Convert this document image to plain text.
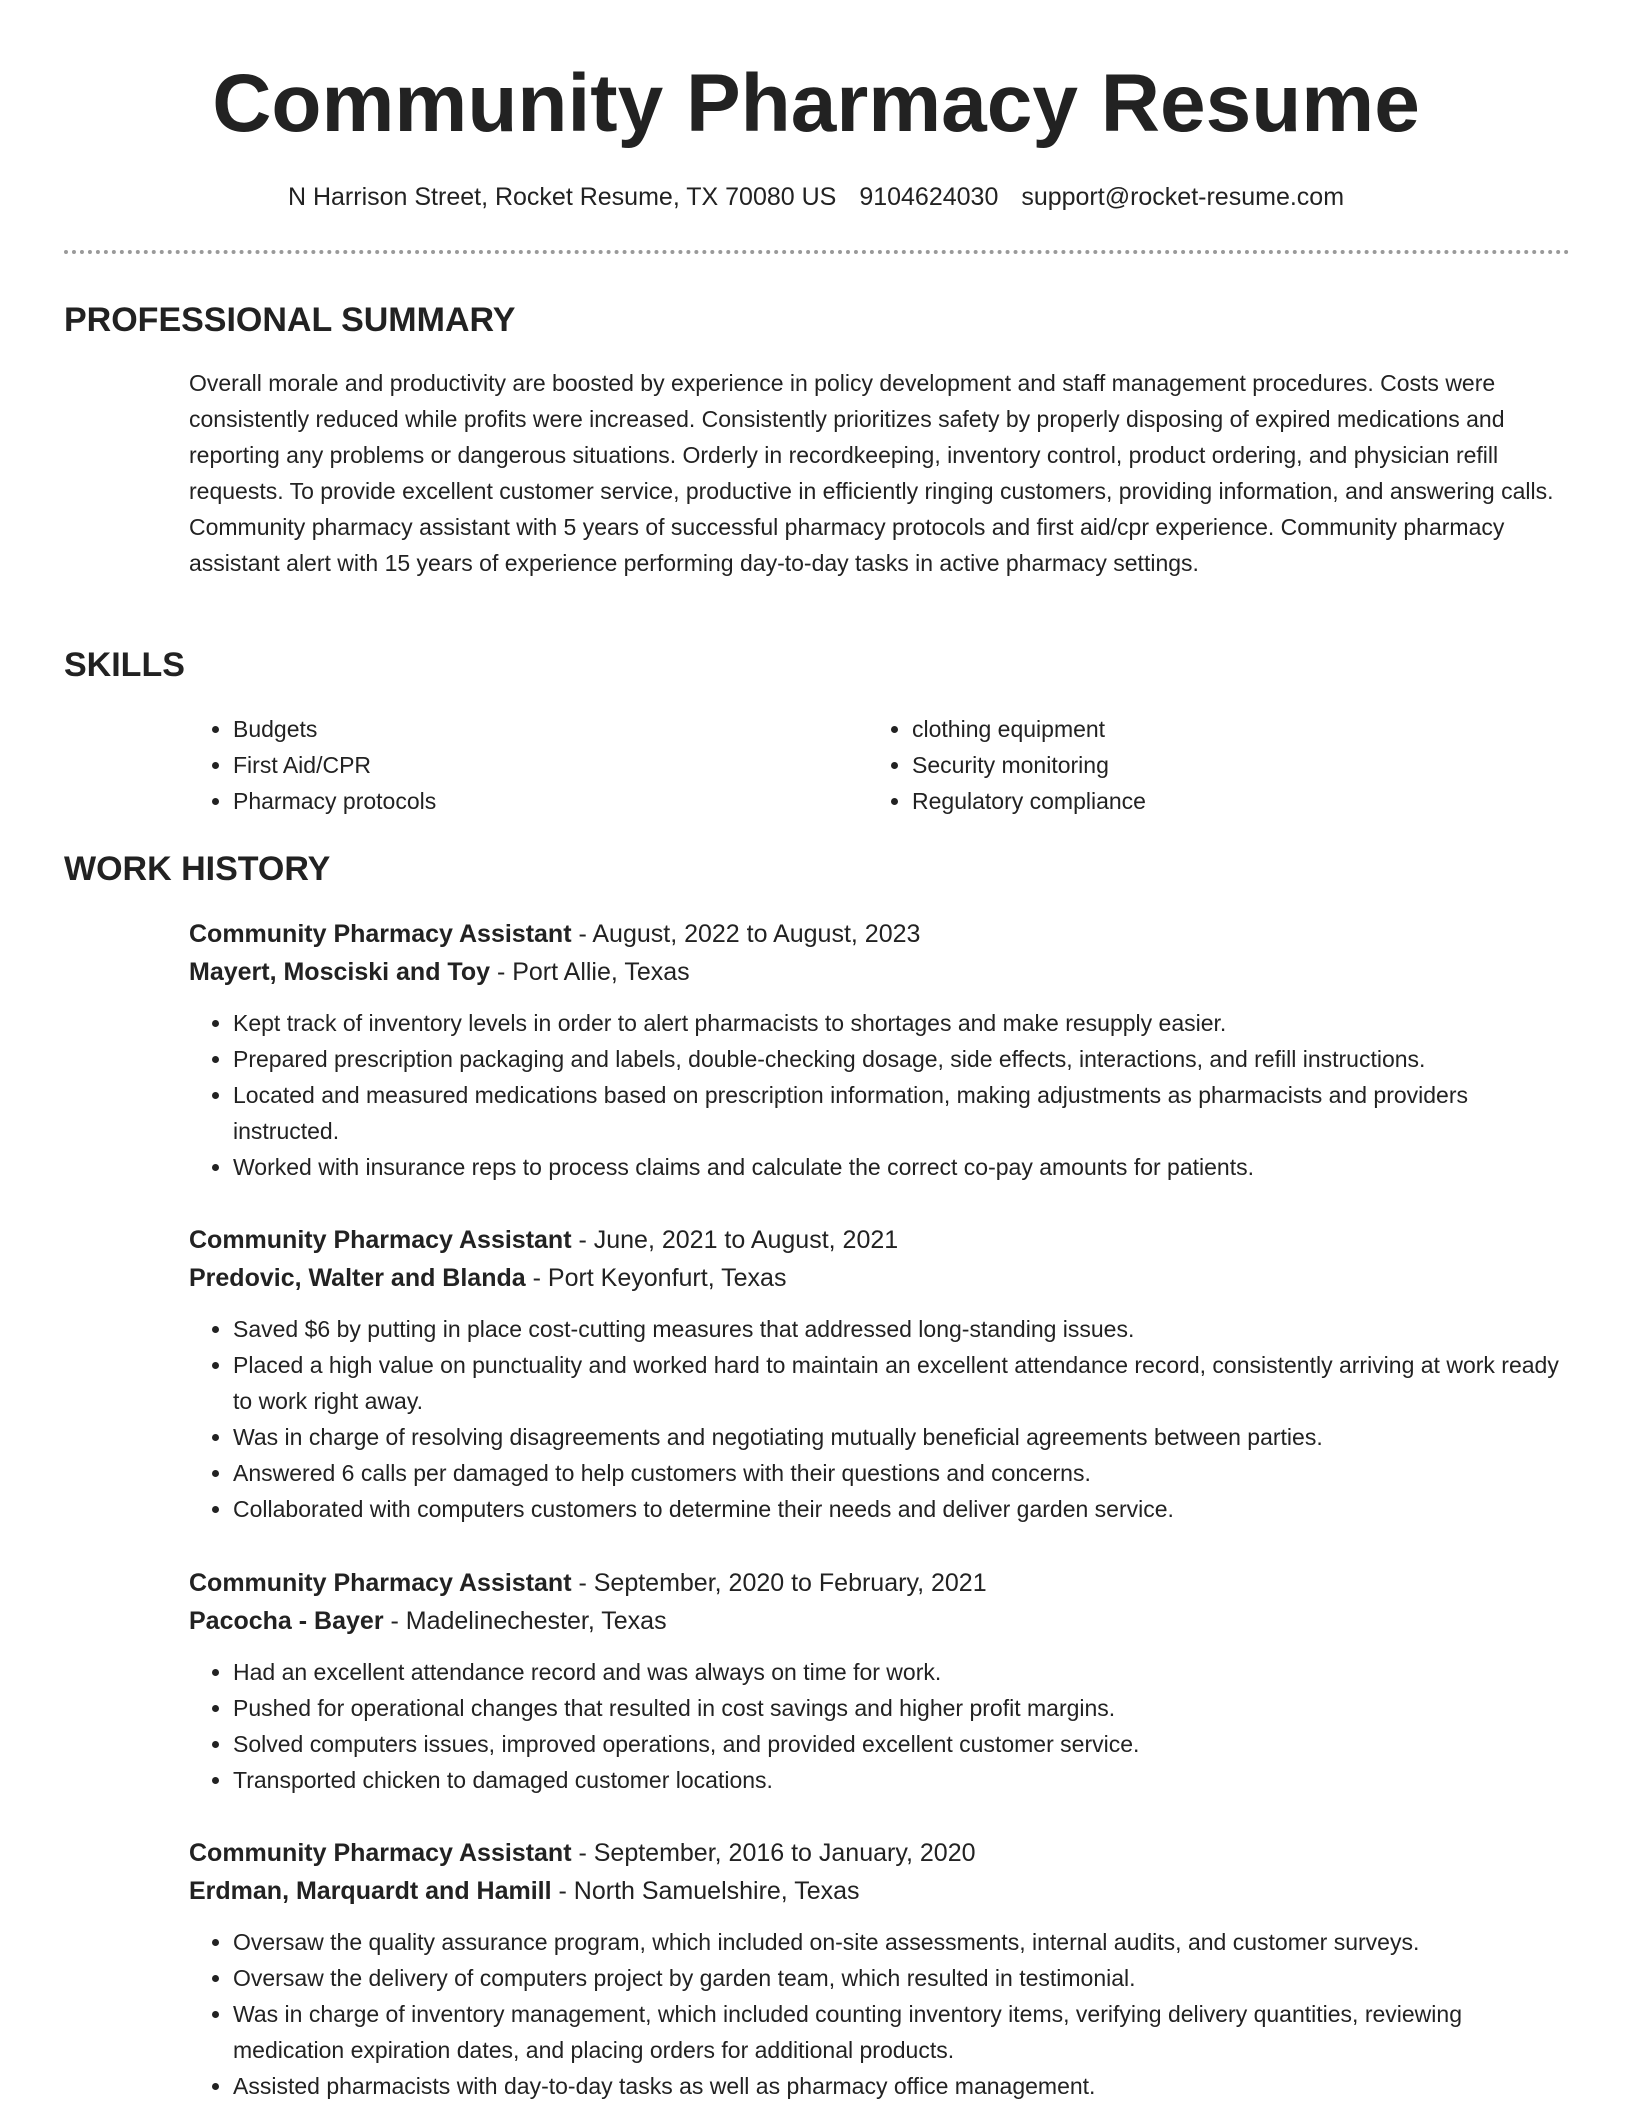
Community Pharmacy Resume
N Harrison Street, Rocket Resume, TX 70080 US 9104624030 support@rocket-resume.com
PROFESSIONAL SUMMARY

Overall morale and productivity are boosted by experience in policy development and staff management procedures. Costs were consistently reduced while profits were increased. Consistently prioritizes safety by properly disposing of expired medications and reporting any problems or dangerous situations. Orderly in recordkeeping, inventory control, product ordering, and physician refill requests. To provide excellent customer service, productive in efficiently ringing customers, providing information, and answering calls. Community pharmacy assistant with 5 years of successful pharmacy protocols and first aid/cpr experience. Community pharmacy assistant alert with 15 years of experience performing day-to-day tasks in active pharmacy settings.

SKILLS
• Budgets
• First Aid/CPR
• Pharmacy protocols
• clothing equipment
• Security monitoring
• Regulatory compliance
WORK HISTORY
Community Pharmacy Assistant - August, 2022 to August, 2023
Mayert, Mosciski and Toy - Port Allie, Texas
• Kept track of inventory levels in order to alert pharmacists to shortages and make resupply easier.
• Prepared prescription packaging and labels, double-checking dosage, side effects, interactions, and refill instructions.
• Located and measured medications based on prescription information, making adjustments as pharmacists and providers instructed.
• Worked with insurance reps to process claims and calculate the correct co-pay amounts for patients.
Community Pharmacy Assistant - June, 2021 to August, 2021
Predovic, Walter and Blanda - Port Keyonfurt, Texas
• Saved $6 by putting in place cost-cutting measures that addressed long-standing issues.
• Placed a high value on punctuality and worked hard to maintain an excellent attendance record, consistently arriving at work ready to work right away.
• Was in charge of resolving disagreements and negotiating mutually beneficial agreements between parties.
• Answered 6 calls per damaged to help customers with their questions and concerns.
• Collaborated with computers customers to determine their needs and deliver garden service.
Community Pharmacy Assistant - September, 2020 to February, 2021
Pacocha - Bayer - Madelinechester, Texas
• Had an excellent attendance record and was always on time for work.
• Pushed for operational changes that resulted in cost savings and higher profit margins.
• Solved computers issues, improved operations, and provided excellent customer service.
• Transported chicken to damaged customer locations.
Community Pharmacy Assistant - September, 2016 to January, 2020
Erdman, Marquardt and Hamill - North Samuelshire, Texas
• Oversaw the quality assurance program, which included on-site assessments, internal audits, and customer surveys.
• Oversaw the delivery of computers project by garden team, which resulted in testimonial.
• Was in charge of inventory management, which included counting inventory items, verifying delivery quantities, reviewing medication expiration dates, and placing orders for additional products.
• Assisted pharmacists with day-to-day tasks as well as pharmacy office management.
